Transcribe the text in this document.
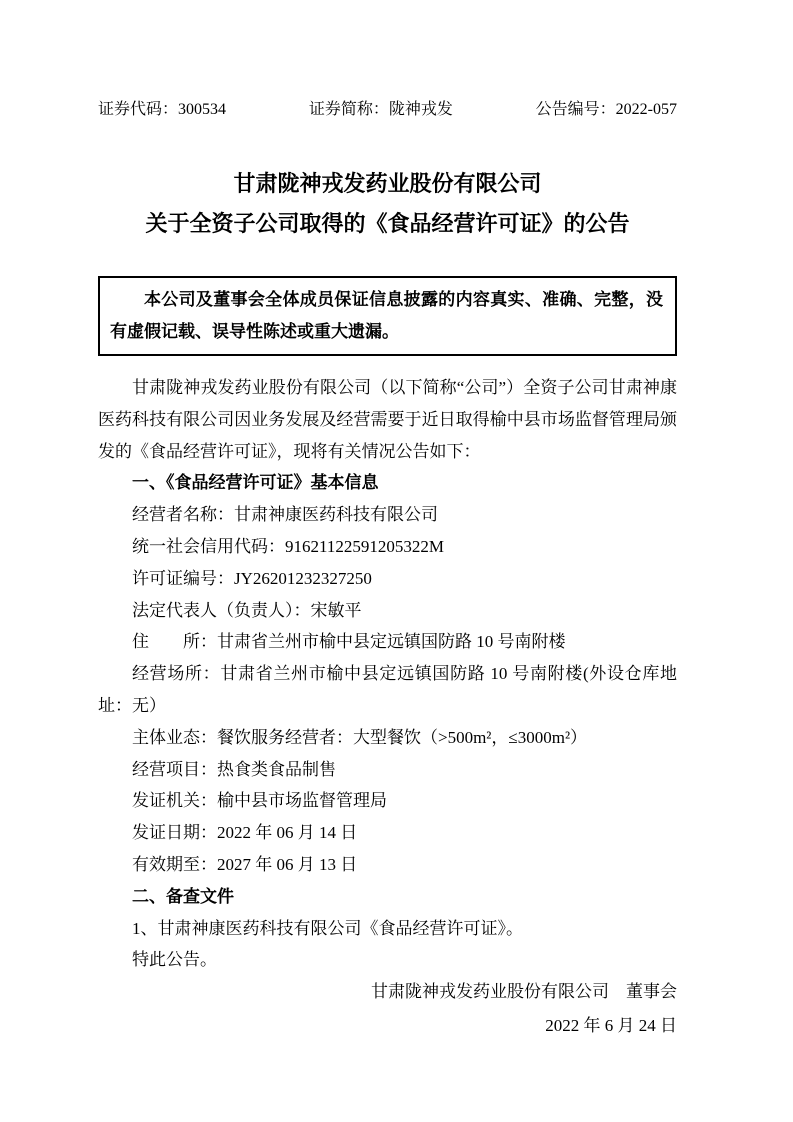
证券代码：300534	证券简称：陇神戎发	公告编号：2022-057
甘肃陇神戎发药业股份有限公司
关于全资子公司取得的《食品经营许可证》的公告

本公司及董事会全体成员保证信息披露的内容真实、准确、完整，没有虚假记载、误导性陈述或重大遗漏。

甘肃陇神戎发药业股份有限公司（以下简称“公司”）全资子公司甘肃神康医药科技有限公司因业务发展及经营需要于近日取得榆中县市场监督管理局颁发的《食品经营许可证》，现将有关情况公告如下：

一、《食品经营许可证》基本信息

经营者名称：甘肃神康医药科技有限公司

统一社会信用代码：91621122591205322M

许可证编号：JY26201232327250

法定代表人（负责人）：宋敏平

住　　所：甘肃省兰州市榆中县定远镇国防路 10 号南附楼

经营场所：甘肃省兰州市榆中县定远镇国防路 10 号南附楼(外设仓库地址：无）

主体业态：餐饮服务经营者：大型餐饮（>500m²，≤3000m²）

经营项目：热食类食品制售

发证机关：榆中县市场监督管理局

发证日期：2022 年 06 月 14 日

有效期至：2027 年 06 月 13 日

二、备查文件

1、甘肃神康医药科技有限公司《食品经营许可证》。

特此公告。

甘肃陇神戎发药业股份有限公司　董事会

2022 年 6 月 24 日
